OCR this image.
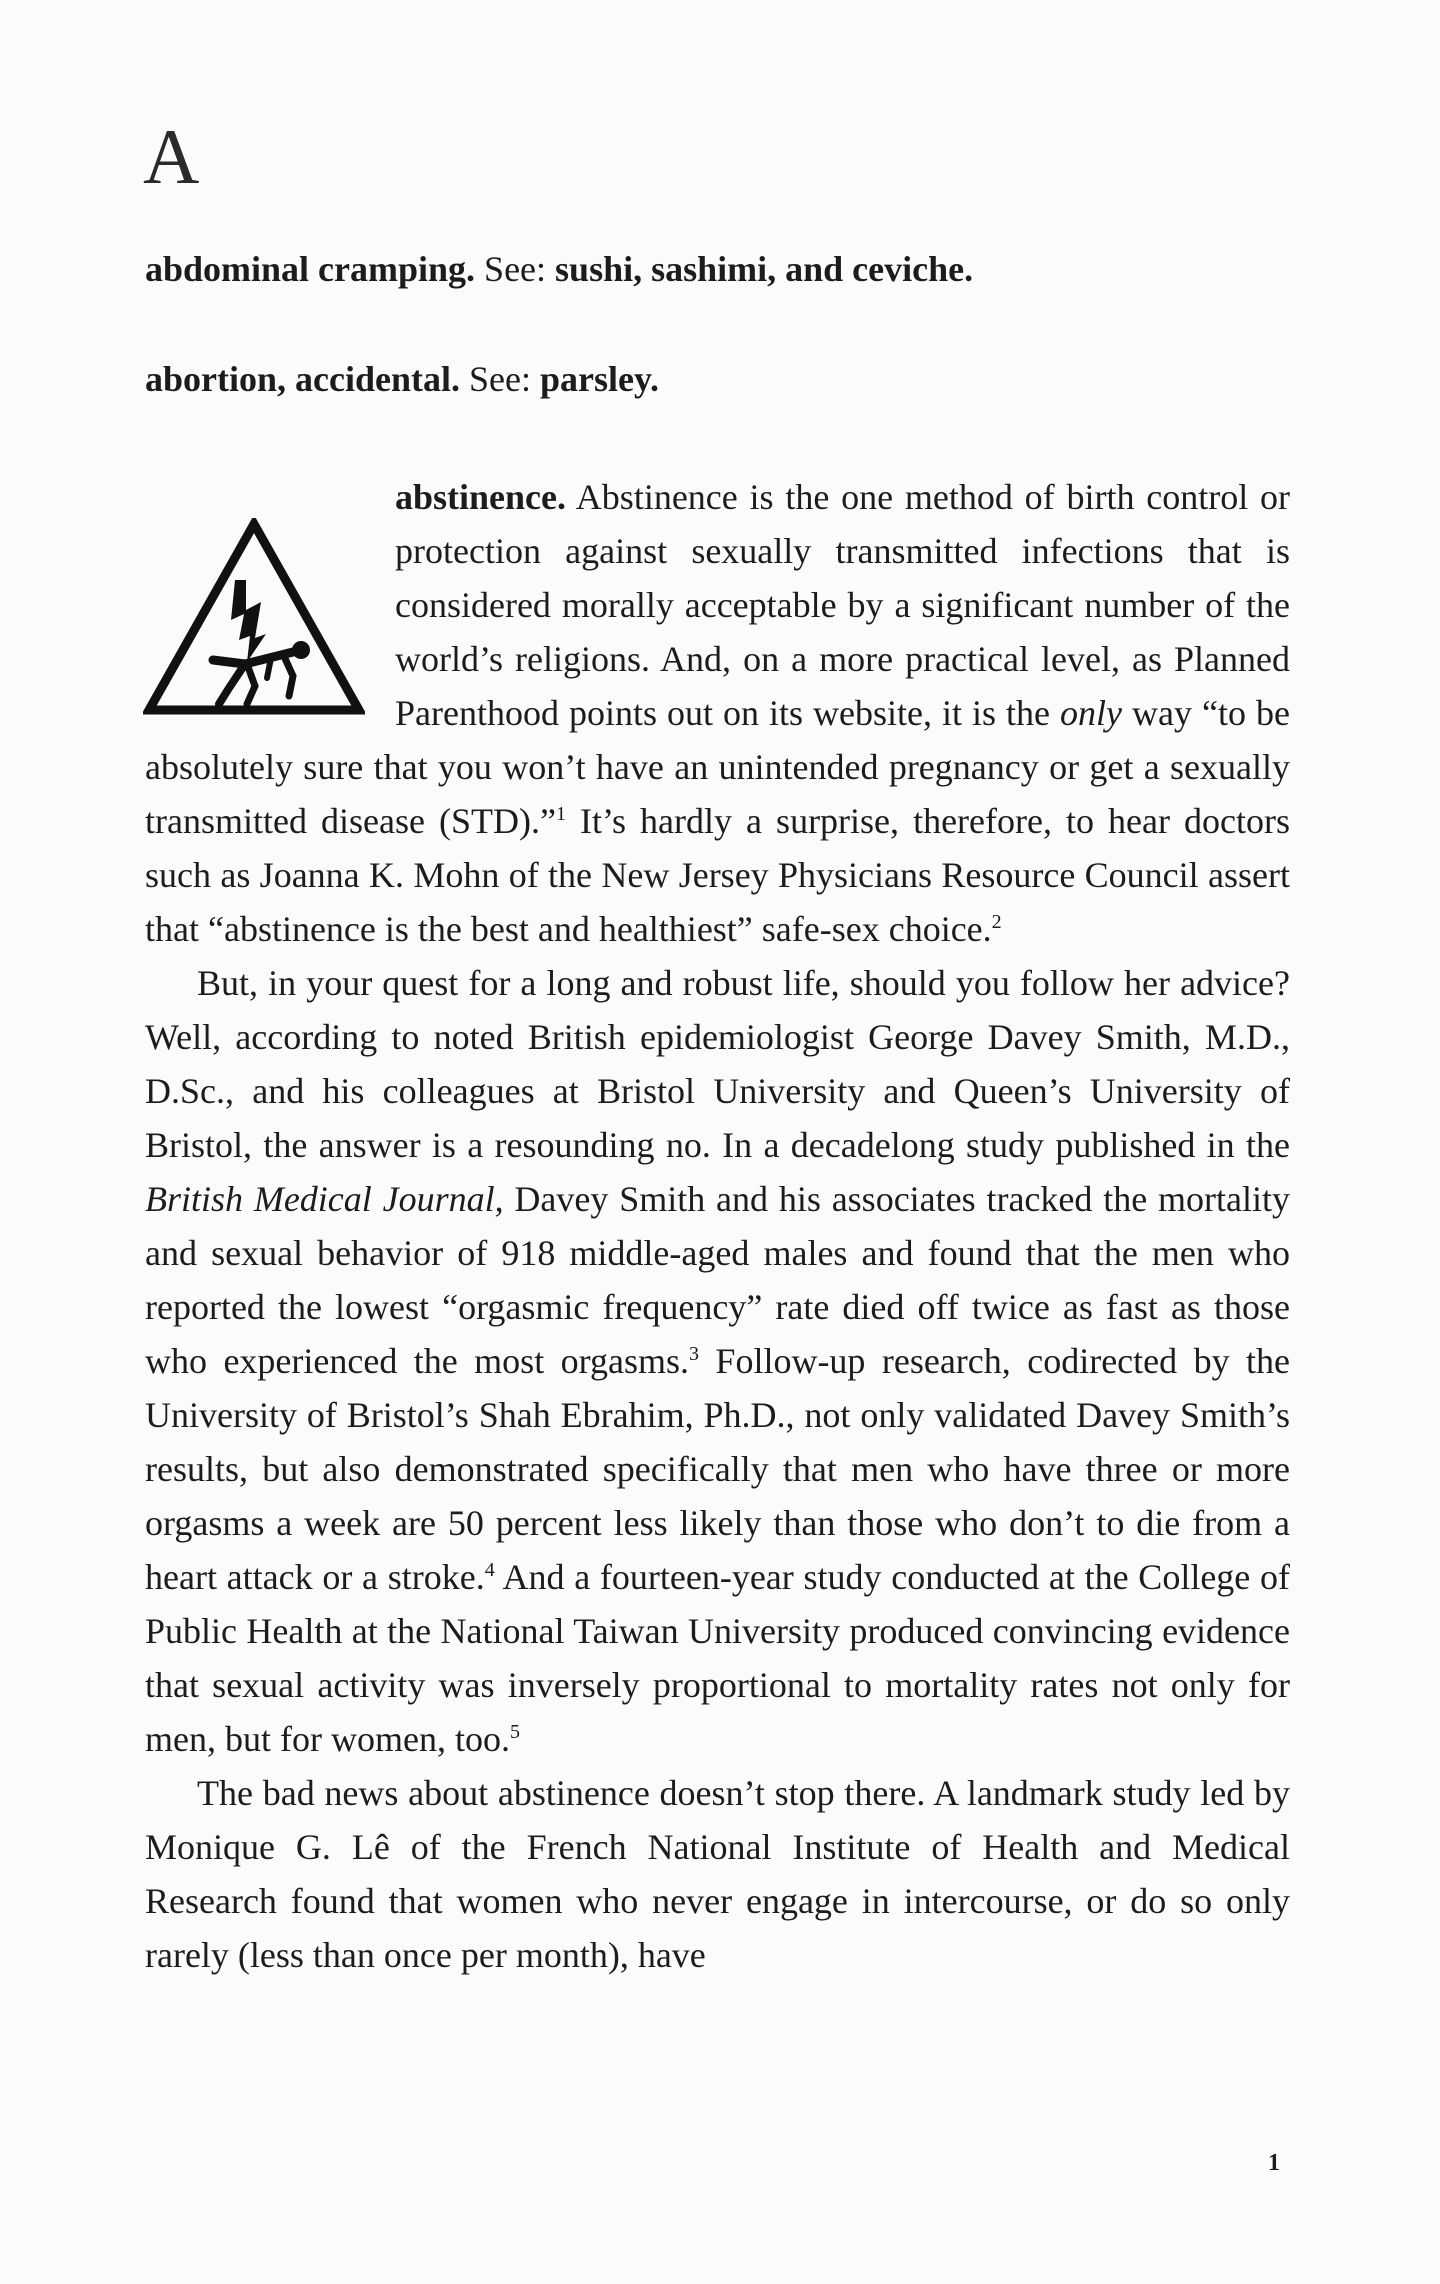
A
abdominal cramping. See: sushi, sashimi, and ceviche.
abortion, accidental. See: parsley.

abstinence. Abstinence is the one method of birth control or protection against sexually transmitted infections that is considered morally acceptable by a significant number of the world’s religions. And, on a more practical level, as Planned Parenthood points out on its website, it is the only way “to be absolutely sure that you won’t have an unintended pregnancy or get a sexually transmitted disease (STD).”$^1$ It’s hardly a surprise, therefore, to hear doctors such as Joanna K. Mohn of the New Jersey Physicians Resource Council assert that “abstinence is the best and healthiest” safe-sex choice.$^2$

But, in your quest for a long and robust life, should you follow her advice? Well, according to noted British epidemiologist George Davey Smith, M.D., D.Sc., and his colleagues at Bristol University and Queen’s University of Bristol, the answer is a resounding no. In a decadelong study published in the British Medical Journal, Davey Smith and his associates tracked the mortality and sexual behavior of 918 middle-aged males and found that the men who reported the lowest “orgasmic frequency” rate died off twice as fast as those who experienced the most orgasms.$^3$ Follow-up research, codirected by the University of Bristol’s Shah Ebrahim, Ph.D., not only validated Davey Smith’s results, but also demonstrated specifically that men who have three or more orgasms a week are 50 percent less likely than those who don’t to die from a heart attack or a stroke.$^4$ And a fourteen-year study conducted at the College of Public Health at the National Taiwan University produced convincing evidence that sexual activity was inversely proportional to mortality rates not only for men, but for women, too.$^5$

The bad news about abstinence doesn’t stop there. A landmark study led by Monique G. Lê of the French National Institute of Health and Medical Research found that women who never engage in intercourse, or do so only rarely (less than once per month), have

1
